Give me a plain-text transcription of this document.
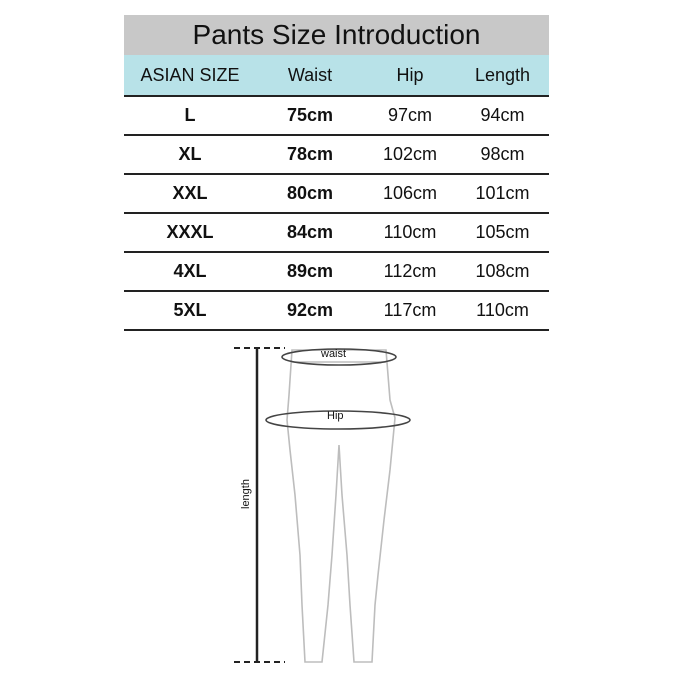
Pants Size Introduction
ASIAN SIZE	Waist	Hip	Length
L	75cm	97cm	94cm
XL	78cm	102cm	98cm
XXL	80cm	106cm	101cm
XXXL	84cm	110cm	105cm
4XL	89cm	112cm	108cm
5XL	92cm	117cm	110cm
waist
Hip
length
